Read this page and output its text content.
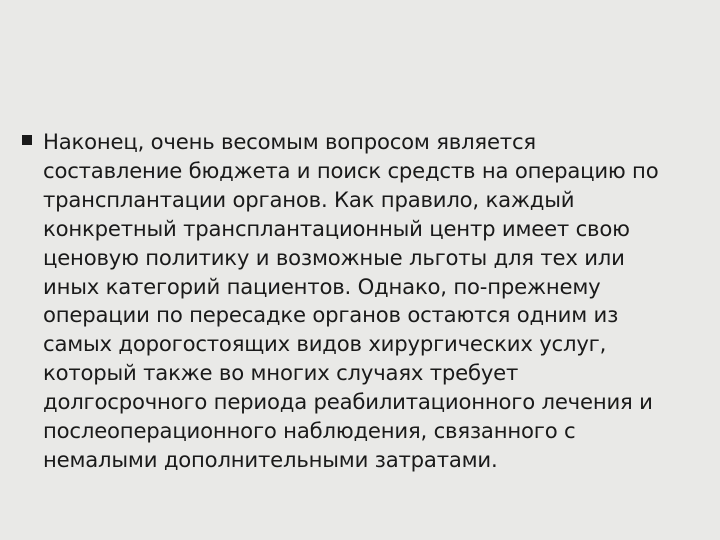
Наконец, очень весомым вопросом является
составление бюджета и поиск средств на операцию по
трансплантации органов. Как правило, каждый
конкретный трансплантационный центр имеет свою
ценовую политику и возможные льготы для тех или
иных категорий пациентов. Однако, по-прежнему
операции по пересадке органов остаются одним из
самых дорогостоящих видов хирургических услуг,
который также во многих случаях требует
долгосрочного периода реабилитационного лечения и
послеоперационного наблюдения, связанного с
немалыми дополнительными затратами.
